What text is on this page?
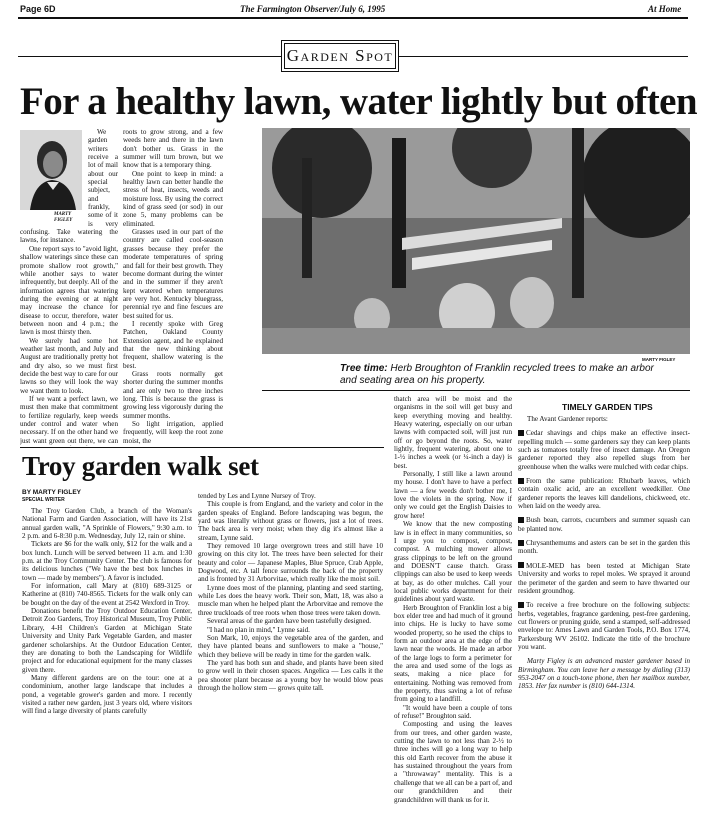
Page 6D	The Farmington Observer/July 6, 1995	At Home
Garden Spot
For a healthy lawn, water lightly but often
MARTY FIGLEY

We garden writers receive a lot of mail about our special subject, and frankly, some of it is very confusing. Take watering the lawns, for instance.

One report says to "avoid light, shallow waterings since these can promote shallow root growth," while another says to water infrequently, but deeply. All of the information agrees that watering during the evening or at night may increase the chance for disease to occur, therefore, water between noon and 4 p.m.; the lawn is most thirsty then.

We surely had some hot weather last month, and July and August are traditionally pretty hot and dry also, so we must first decide the best way to care for our lawns so they will look the way we want them to look.

If we want a perfect lawn, we must then make that commitment to fertilize regularly, keep weeds under control and water when necessary. If on the other hand we just want green out there, we can

roots to grow strong, and a few weeds here and there in the lawn don't bother us. Grass in the summer will turn brown, but we know that is a temporary thing.

One point to keep in mind: a healthy lawn can better handle the stress of heat, insects, weeds and moisture loss. By using the correct kind of grass seed (or sod) in our zone 5, many problems can be eliminated.

Grasses used in our part of the country are called cool-season grasses because they prefer the moderate temperatures of spring and fall for their best growth. They become dormant during the winter and in the summer if they aren't kept watered when temperatures are very hot. Kentucky bluegrass, perennial rye and fine fescues are best suited for us.

I recently spoke with Greg Patchen, Oakland County Extension agent, and he explained that the new thinking about frequent, shallow watering is the best.

Grass roots normally get shorter during the summer months and are only two to three inches long. This is because the grass is growing less vigorously during the summer months.

So light irrigation, applied frequently, will keep the root zone moist, the

MARTY FIGLEY
Tree time: Herb Broughton of Franklin recycled trees to make an arbor and seating area on his property.

thatch area will be moist and the organisms in the soil will get busy and keep everything moving and healthy. Heavy watering, especially on our urban lawns with compacted soil, will just run off or go beyond the roots. So, water lightly, frequent watering, about one to 1-½ inches a week (or ¼-inch a day) is best.

Personally, I still like a lawn around my house. I don't have to have a perfect lawn — a few weeds don't bother me, I love the violets in the spring. Now if only we could get the English Daisies to grow here!

We know that the new composting law is in effect in many communities, so I urge you to compost, compost, compost. A mulching mower allows grass clippings to be left on the ground and DOESN'T cause thatch. Grass clippings can also be used to keep weeds at bay, as do other mulches. Call your local public works department for their guidelines about yard waste.

Herb Broughton of Franklin lost a big box elder tree and had much of it ground into chips. He is lucky to have some wooded property, so he used the chips to form an outdoor area at the edge of the lawn near the woods. He made an arbor of the large logs to form a perimeter for the area and used some of the logs as seats, making a nice place for entertaining. Nothing was removed from the property, thus saving a lot of refuse from going to a landfill.

"It would have been a couple of tons of refuse!" Broughton said.

Composting and using the leaves from our trees, and other garden waste, cutting the lawn to not less than 2-½ to three inches will go a long way to help this old Earth recover from the abuse it has sustained throughout the years from a "throwaway" mentality. This is a challenge that we all can be a part of, and our grandchildren and their grandchildren will thank us for it.

Troy garden walk set
BY MARTY FIGLEY
SPECIAL WRITER

The Troy Garden Club, a branch of the Woman's National Farm and Garden Association, will have its 21st annual garden walk, "A Sprinkle of Flowers," 9:30 a.m. to 2 p.m. and 6-8:30 p.m. Wednesday, July 12, rain or shine.

Tickets are $6 for the walk only, $12 for the walk and a box lunch. Lunch will be served between 11 a.m. and 1:30 p.m. at the Troy Community Center. The club is famous for its delicious lunches ("We have the best box lunches in town — made by members"). A favor is included.

For information, call Mary at (810) 689-3125 or Katherine at (810) 740-8565. Tickets for the walk only can be bought on the day of the event at 2542 Wexford in Troy.

Donations benefit the Troy Outdoor Education Center, Detroit Zoo Gardens, Troy Historical Museum, Troy Public Library, 4-H Children's Garden at Michigan State University and Unity Park Vegetable Garden, and master gardener scholarships. At the Outdoor Education Center, they are donating to both the Landscaping for Wildlife project and for educational equipment for the many classes given there.

Many different gardens are on the tour: one at a condominium, another large landscape that includes a pond, a vegetable grower's garden and more. I recently visited a rather new garden, just 3 years old, where visitors will find a large diversity of plants carefully

tended by Les and Lynne Nursey of Troy.

This couple is from England, and the variety and color in the garden speaks of England. Before landscaping was begun, the yard was literally without grass or flowers, just a lot of trees. The back area is very moist; when they dig it's almost like a stream, Lynne said.

They removed 10 large overgrown trees and still have 10 growing on this city lot. The trees have been selected for their beauty and color — Japanese Maples, Blue Spruce, Crab Apple, Dogwood, etc. A tall fence surrounds the back of the property and is fronted by 31 Arborvitae, which really like the moist soil.

Lynne does most of the planning, planting and seed starting, while Les does the heavy work. Their son, Matt, 18, was also a muscle man when he helped plant the Arborvitae and remove the three truckloads of tree roots when those trees were taken down.

Several areas of the garden have been tastefully designed.

"I had no plan in mind," Lynne said.

Son Mark, 10, enjoys the vegetable area of the garden, and they have planted beans and sunflowers to make a "house," which they believe will be ready in time for the garden walk.

The yard has both sun and shade, and plants have been sited to grow well in their chosen spaces. Angelica — Les calls it the pea shooter plant because as a young boy he would blow peas through the hollow stem — grows quite tall.

TIMELY GARDEN TIPS

The Avant Gardener reports:

Cedar shavings and chips make an effective insect-repelling mulch — some gardeners say they can keep plants such as tomatoes totally free of insect damage. An Oregon gardener reported they also repelled slugs from her greenhouse when the walks were mulched with cedar chips.

From the same publication: Rhubarb leaves, which contain oxalic acid, are an excellent weedkiller. One gardener reports the leaves kill dandelions, chickweed, etc. when laid on the weedy area.

Bush bean, carrots, cucumbers and summer squash can be planted now.

Chrysanthemums and asters can be set in the garden this month.

MOLE-MED has been tested at Michigan State University and works to repel moles. We sprayed it around the perimeter of the garden and seem to have thwarted our resident groundhog.

To receive a free brochure on the following subjects: herbs, vegetables, fragrance gardening, pest-free gardening, cut flowers or pruning guide, send a stamped, self-addressed envelope to: Ames Lawn and Garden Tools, P.O. Box 1774, Parkersburg WV 26102. Indicate the title of the brochure you want.

Marty Figley is an advanced master gardener based in Birmingham. You can leave her a message by dialing (313) 953-2047 on a touch-tone phone, then her mailbox number, 1853. Her fax number is (810) 644-1314.
